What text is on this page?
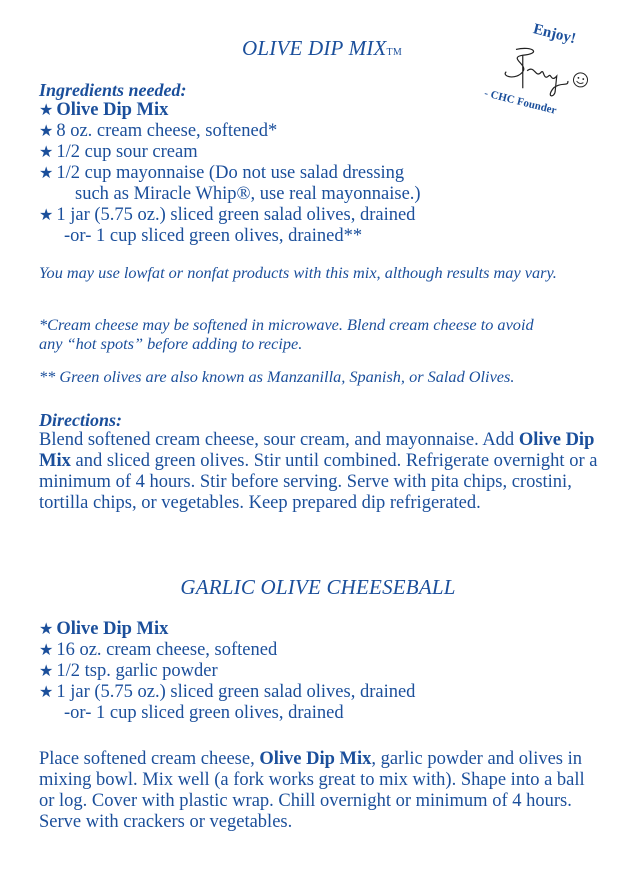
OLIVE DIP MIXTM
Enjoy!
- CHC Founder

Ingredients needed:

★ Olive Dip Mix
★ 8 oz. cream cheese, softened*
★ 1/2 cup sour cream
★ 1/2 cup mayonnaise (Do not use salad dressing
such as Miracle Whip®, use real mayonnaise.)
★ 1 jar (5.75 oz.) sliced green salad olives, drained
-or- 1 cup sliced green olives, drained**

You may use lowfat or nonfat products with this mix, although results may vary.

*Cream cheese may be softened in microwave. Blend cream cheese to avoid any “hot spots” before adding to recipe.

** Green olives are also known as Manzanilla, Spanish, or Salad Olives.

Directions:

Blend softened cream cheese, sour cream, and mayonnaise. Add Olive Dip Mix and sliced green olives. Stir until combined. Refrigerate overnight or a minimum of 4 hours. Stir before serving. Serve with pita chips, crostini, tortilla chips, or vegetables. Keep prepared dip refrigerated.

GARLIC OLIVE CHEESEBALL
★ Olive Dip Mix
★ 16 oz. cream cheese, softened
★ 1/2 tsp. garlic powder
★ 1 jar (5.75 oz.) sliced green salad olives, drained
-or- 1 cup sliced green olives, drained

Place softened cream cheese, Olive Dip Mix, garlic powder and olives in mixing bowl. Mix well (a fork works great to mix with). Shape into a ball or log. Cover with plastic wrap. Chill overnight or minimum of 4 hours. Serve with crackers or vegetables.
